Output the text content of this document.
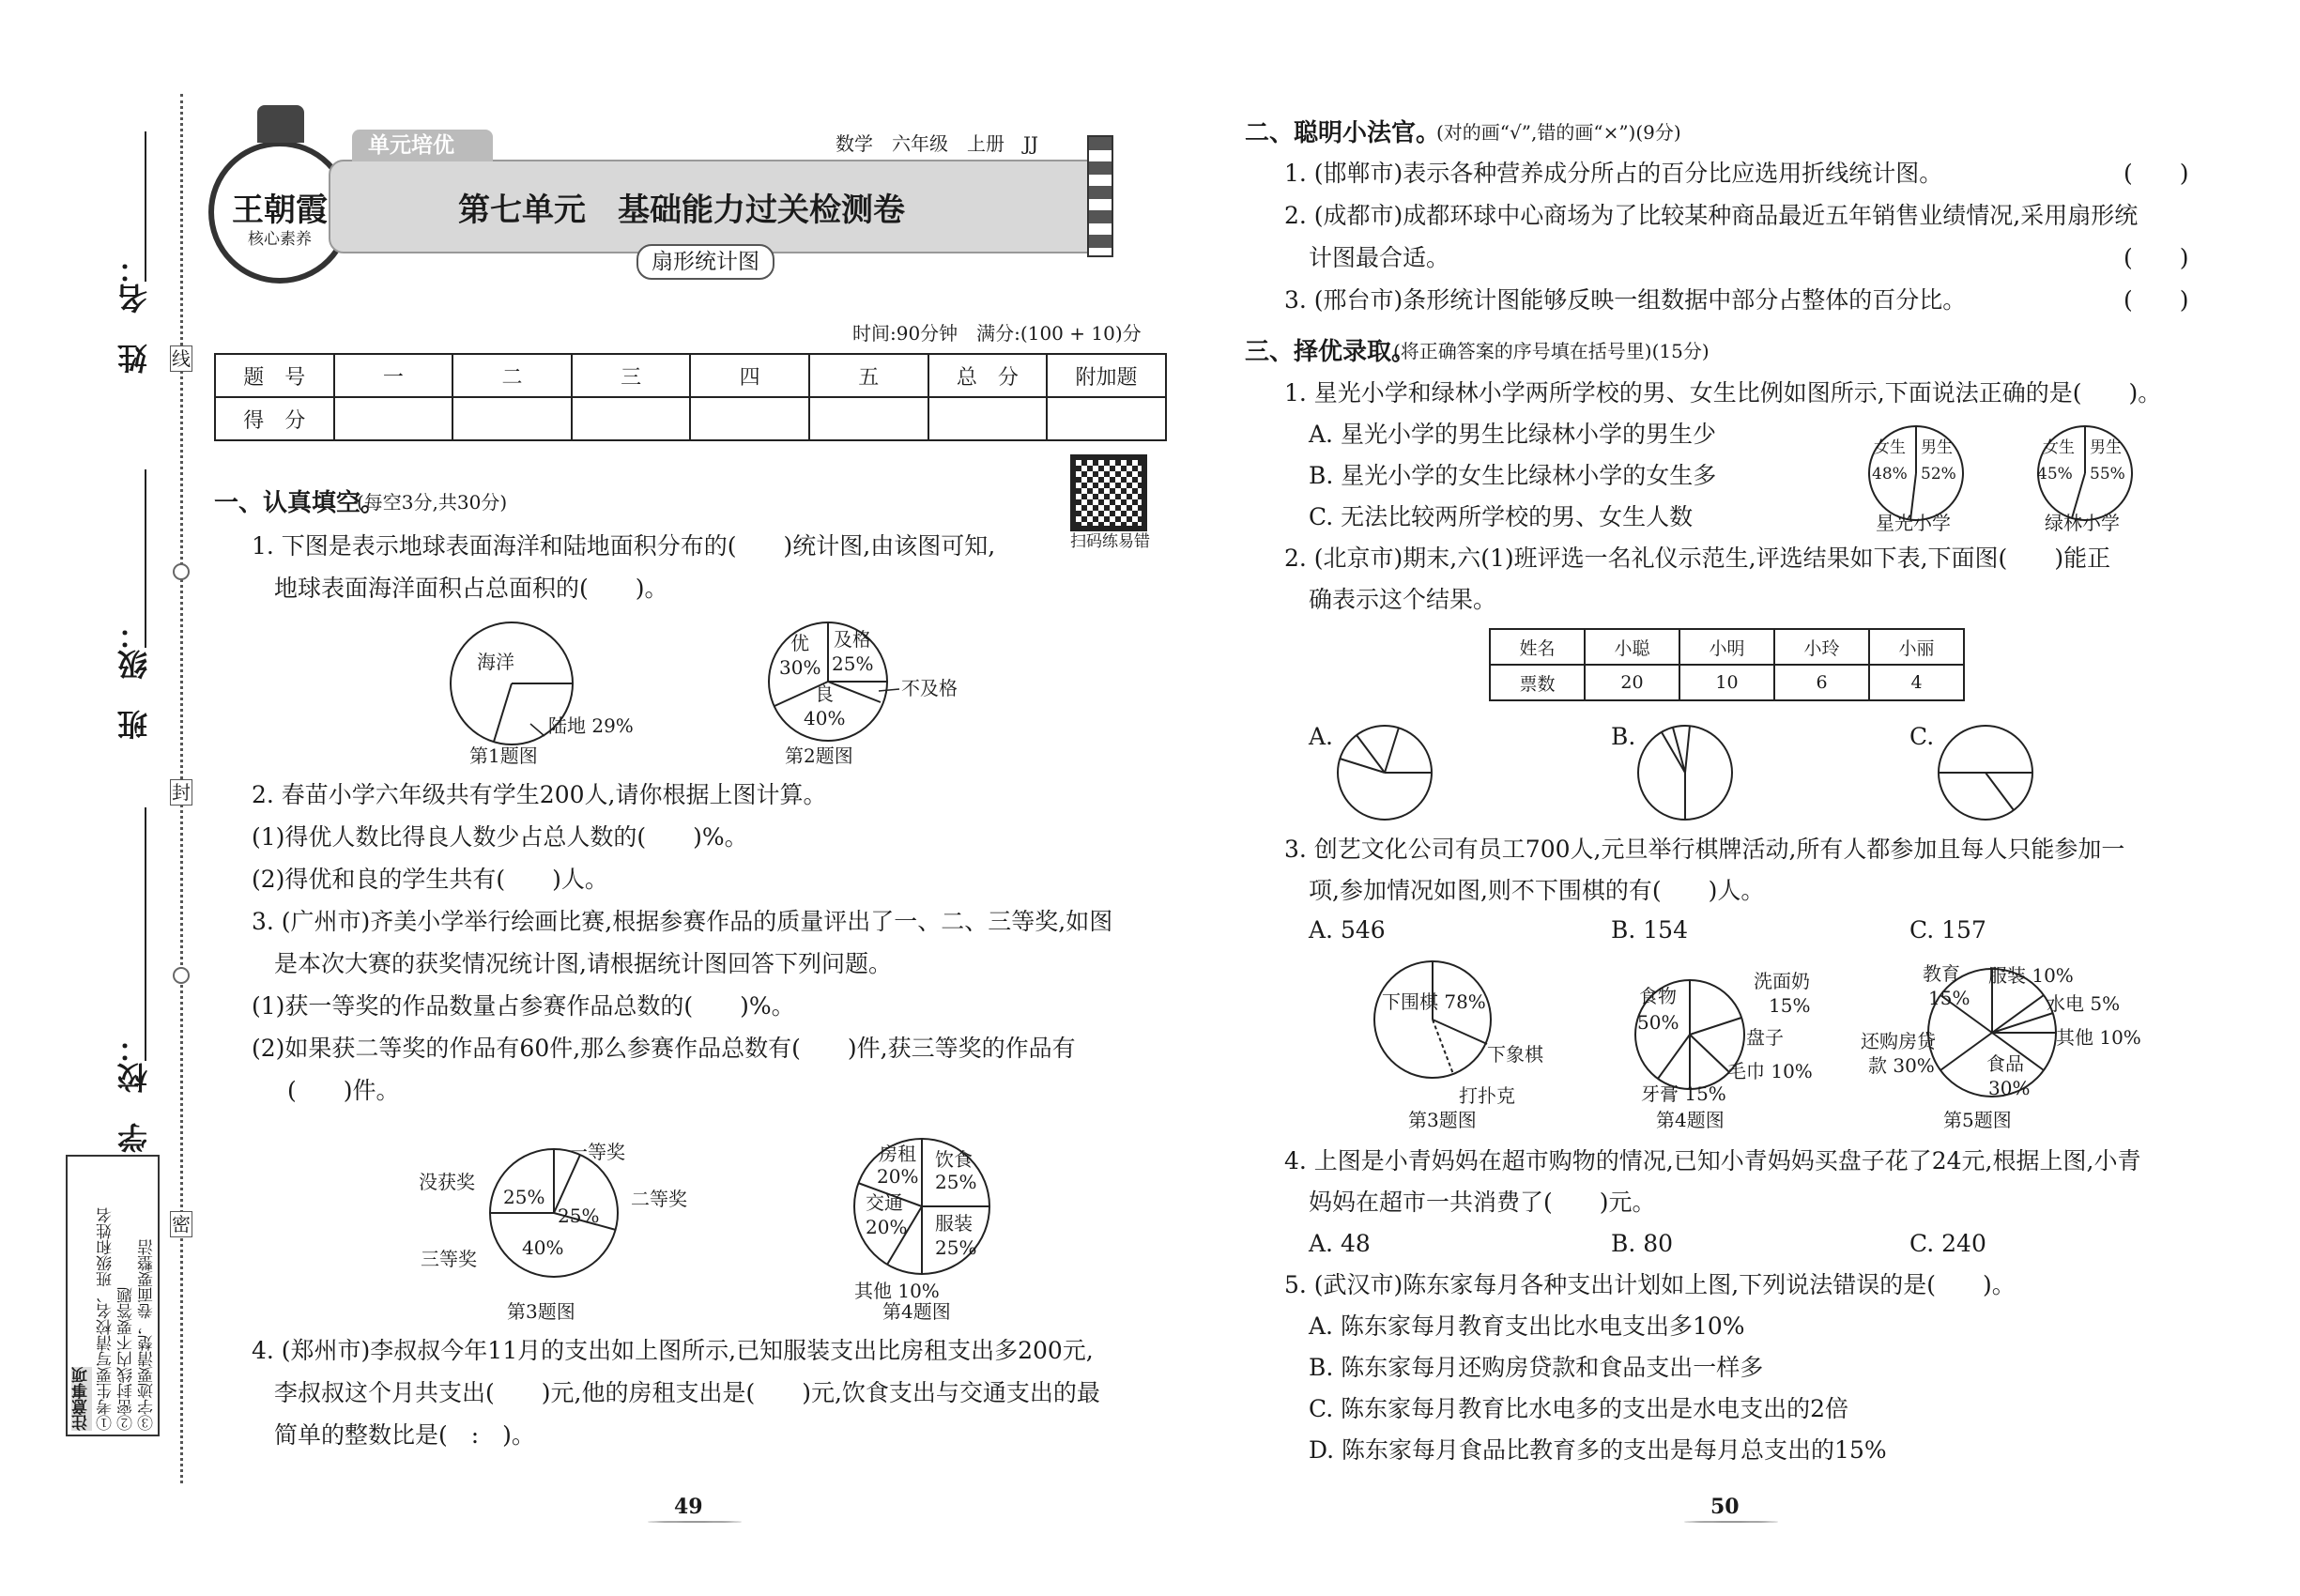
线
封
密
姓　名：
班　级：
学　校：
注意事项 ①考生要写清校名、班级和姓名 ②密封线内不要答题 ③字迹要清楚，卷面要整洁
王朝霞
核心素养
单元培优	数学　六年级　上册　JJ
第七单元　基础能力过关检测卷
扇形统计图
时间:90分钟　满分:(100 + 10)分
题　号	一	二	三	四	五	总　分	附加题
得　分							
扫码练易错
一、认真填空。
(每空3分,共30分)
1. 下图是表示地球表面海洋和陆地面积分布的(　　)统计图,由该图可知,
地球表面海洋面积占总面积的(　　)。
海洋
陆地 29%
第1题图
优
30%
及格
25%
良
40%
不及格
第2题图
2. 春苗小学六年级共有学生200人,请你根据上图计算。
(1)得优人数比得良人数少占总人数的(　　)%。
(2)得优和良的学生共有(　　)人。
3. (广州市)齐美小学举行绘画比赛,根据参赛作品的质量评出了一、二、三等奖,如图
是本次大赛的获奖情况统计图,请根据统计图回答下列问题。
(1)获一等奖的作品数量占参赛作品总数的(　　)%。
(2)如果获二等奖的作品有60件,那么参赛作品总数有(　　)件,获三等奖的作品有
(　　)件。
没获奖
25%
一等奖
二等奖
25%
三等奖 40%
第3题图
房租
20%
饮食
25%
交通
20% 服装
25%
其他 10%
第4题图
4. (郑州市)李叔叔今年11月的支出如上图所示,已知服装支出比房租支出多200元,
李叔叔这个月共支出(　　)元,他的房租支出是(　　)元,饮食支出与交通支出的最
简单的整数比是(　:　)。
49
二、聪明小法官。
(对的画“√”,错的画“×”)(9分)
1. (邯郸市)表示各种营养成分所占的百分比应选用折线统计图。	(　　)
2. (成都市)成都环球中心商场为了比较某种商品最近五年销售业绩情况,采用扇形统
计图最合适。	(　　)
3. (邢台市)条形统计图能够反映一组数据中部分占整体的百分比。	(　　)
三、择优录取。
(将正确答案的序号填在括号里)(15分)
1. 星光小学和绿林小学两所学校的男、女生比例如图所示,下面说法正确的是(　　)。
A. 星光小学的男生比绿林小学的男生少
B. 星光小学的女生比绿林小学的女生多
C. 无法比较两所学校的男、女生人数
女生 男生
48% 52%
星光小学
女生 男生
45% 55%
绿林小学
2. (北京市)期末,六(1)班评选一名礼仪示范生,评选结果如下表,下面图(　　)能正
确表示这个结果。
姓名	小聪	小明	小玲	小丽
票数	20	10	6	4
A.	B.	C.
3. 创艺文化公司有员工700人,元旦举行棋牌活动,所有人都参加且每人只能参加一
项,参加情况如图,则不下围棋的有(　　)人。
A. 546	B. 154	C. 157
下围棋 78%
下象棋
打扑克
第3题图
食物
50%
洗面奶
15%
盘子
毛巾 10%
牙膏 15%
第4题图
教育
15%
服装 10%
水电 5%
其他 10%
还购房贷
款 30%	食品
30%
第5题图
4. 上图是小青妈妈在超市购物的情况,已知小青妈妈买盘子花了24元,根据上图,小青
妈妈在超市一共消费了(　　)元。
A. 48	B. 80	C. 240
5. (武汉市)陈东家每月各种支出计划如上图,下列说法错误的是(　　)。
A. 陈东家每月教育支出比水电支出多10%
B. 陈东家每月还购房贷款和食品支出一样多
C. 陈东家每月教育比水电多的支出是水电支出的2倍
D. 陈东家每月食品比教育多的支出是每月总支出的15%
50
